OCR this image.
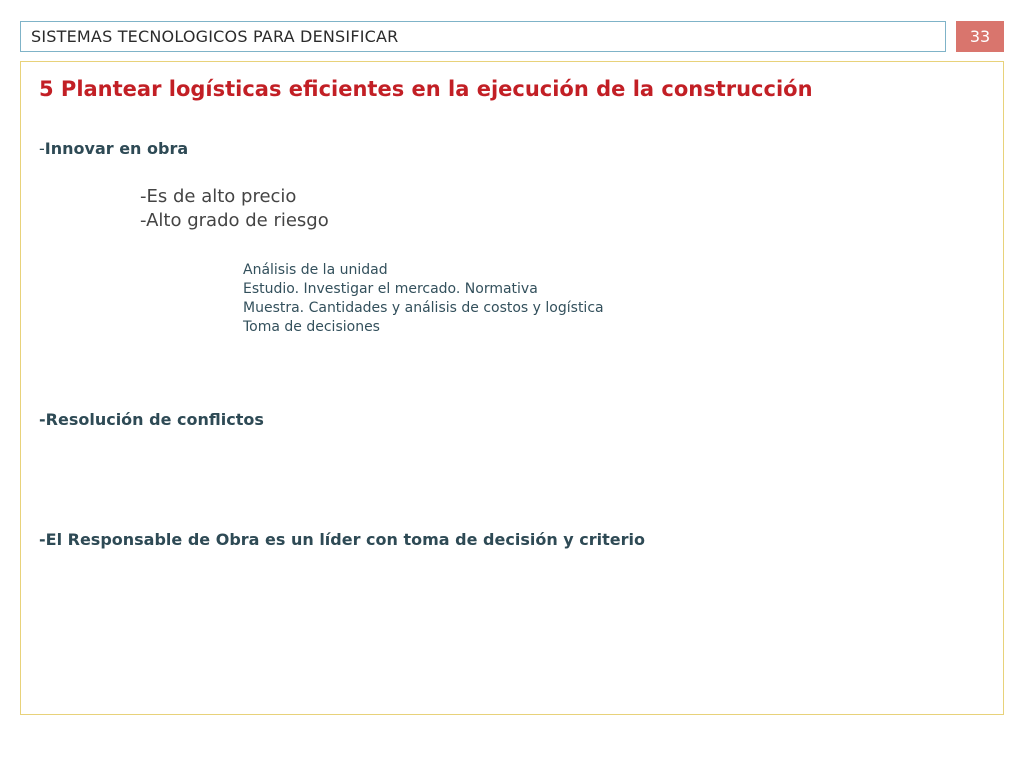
SISTEMAS TECNOLOGICOS PARA DENSIFICAR	33
5 Plantear logísticas eficientes en la ejecución de la construcción
-Innovar en obra
-Es de alto precio
-Alto grado de riesgo
Análisis de la unidad
Estudio. Investigar el mercado. Normativa
Muestra. Cantidades y análisis de costos y logística
Toma de decisiones
-Resolución de conflictos
-El Responsable de Obra es un líder con toma de decisión y criterio
